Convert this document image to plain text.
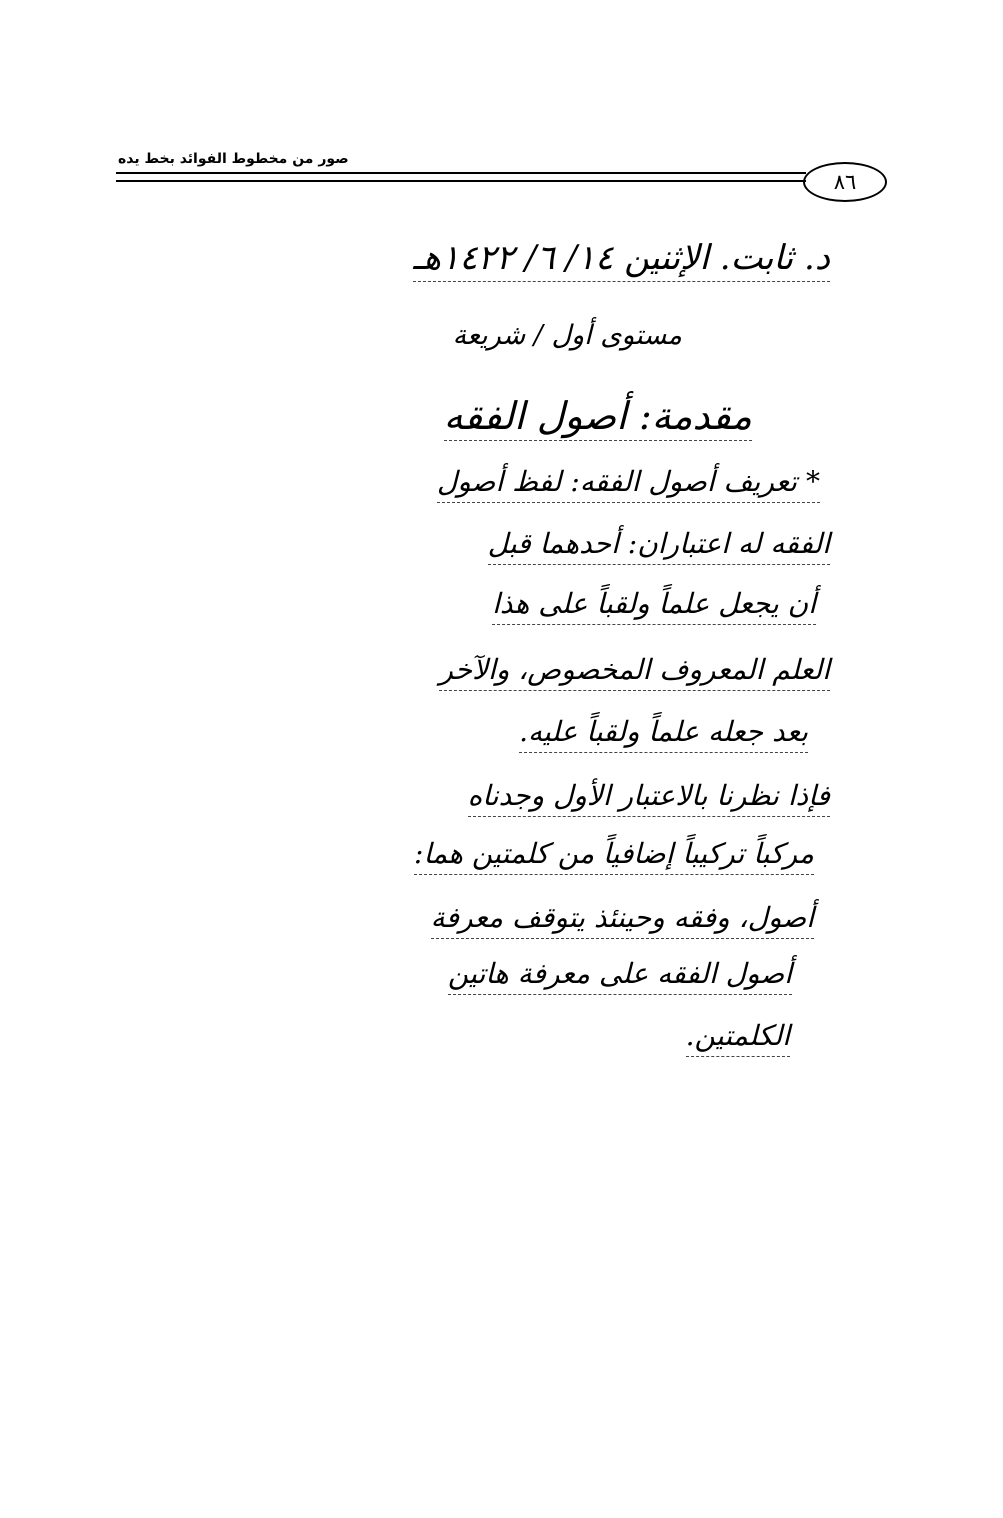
صور من مخطوط الفوائد بخط يده
٨٦
د. ثابت. الإثنين ١٤/ ٦/ ١٤٢٢هـ
مستوى أول / شريعة
مقدمة: أصول الفقه
* تعريف أصول الفقه: لفظ أصول
الفقه له اعتباران: أحدهما قبل
أن يجعل علماً ولقباً على هذا
العلم المعروف المخصوص، والآخر
بعد جعله علماً ولقباً عليه.
فإذا نظرنا بالاعتبار الأول وجدناه
مركباً تركيباً إضافياً من كلمتين هما:
أصول، وفقه وحينئذ يتوقف معرفة
أصول الفقه على معرفة هاتين
الكلمتين.
